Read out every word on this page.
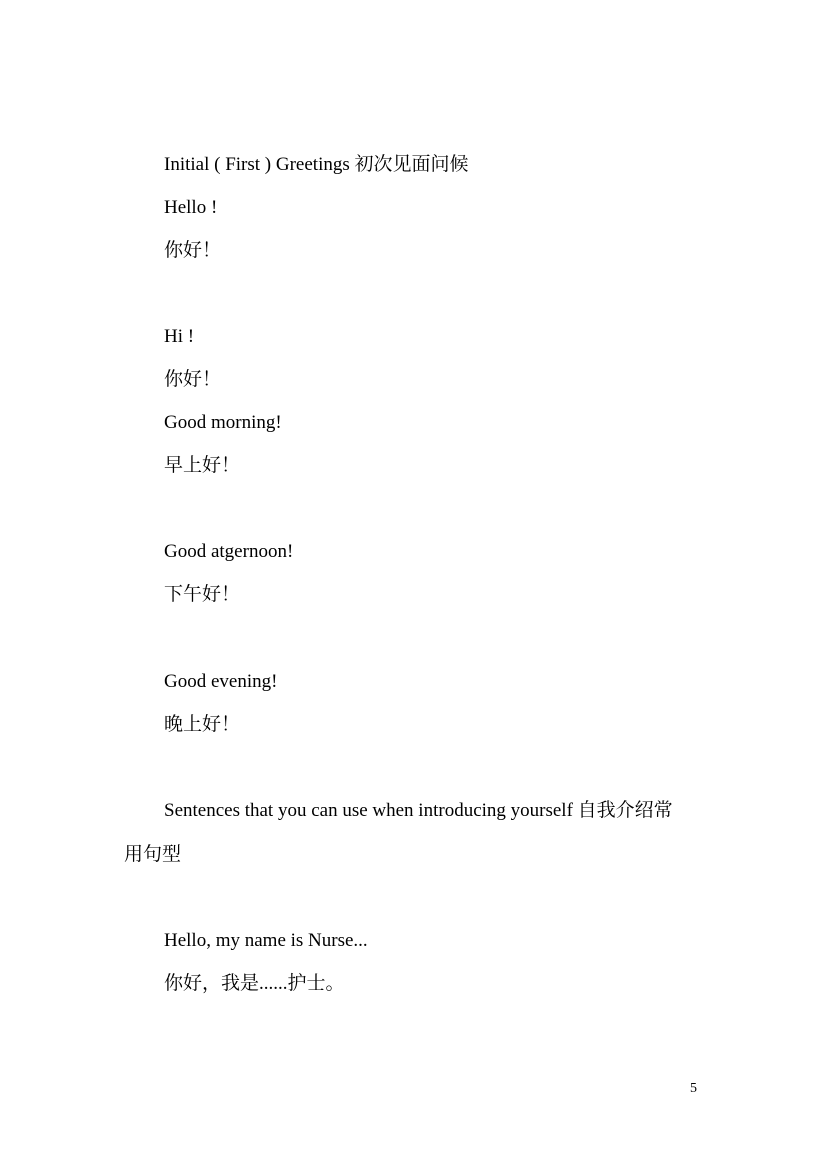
Initial ( First ) Greetings 初次见面问候
Hello !
你好！
Hi !
你好！
Good morning!
早上好！
Good atgernoon!
下午好！
Good evening!
晚上好！
Sentences that you can use when introducing yourself 自我介绍常
用句型
Hello, my name is Nurse...
你好，我是......护士。
5
